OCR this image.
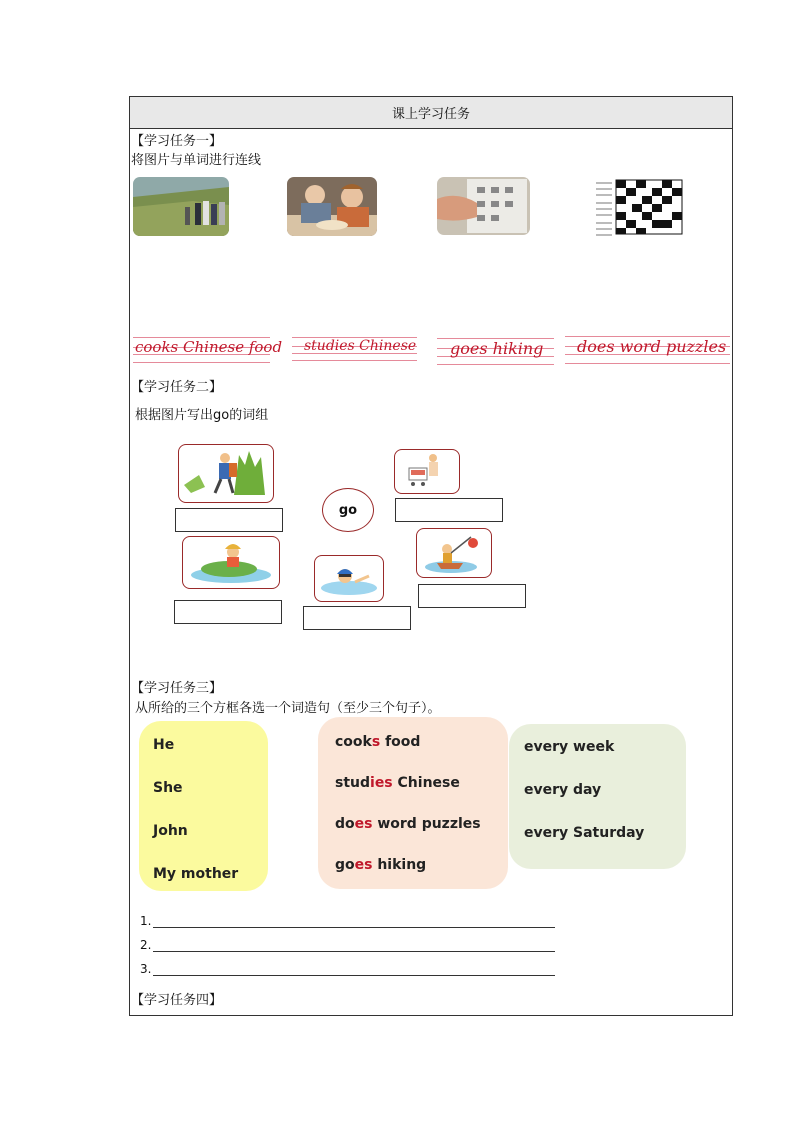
课上学习任务
【学习任务一】
将图片与单词进行连线
cooks Chinese food studies Chinese goes hiking does word puzzles
【学习任务二】
根据图片写出go的词组
go
【学习任务三】
从所给的三个方框各选一个词造句（至少三个句子）。
He
She
John
My mother
cooks food
studies Chinese
does word puzzles
goes hiking
every week
every day
every Saturday
1.
2.
3.
【学习任务四】
